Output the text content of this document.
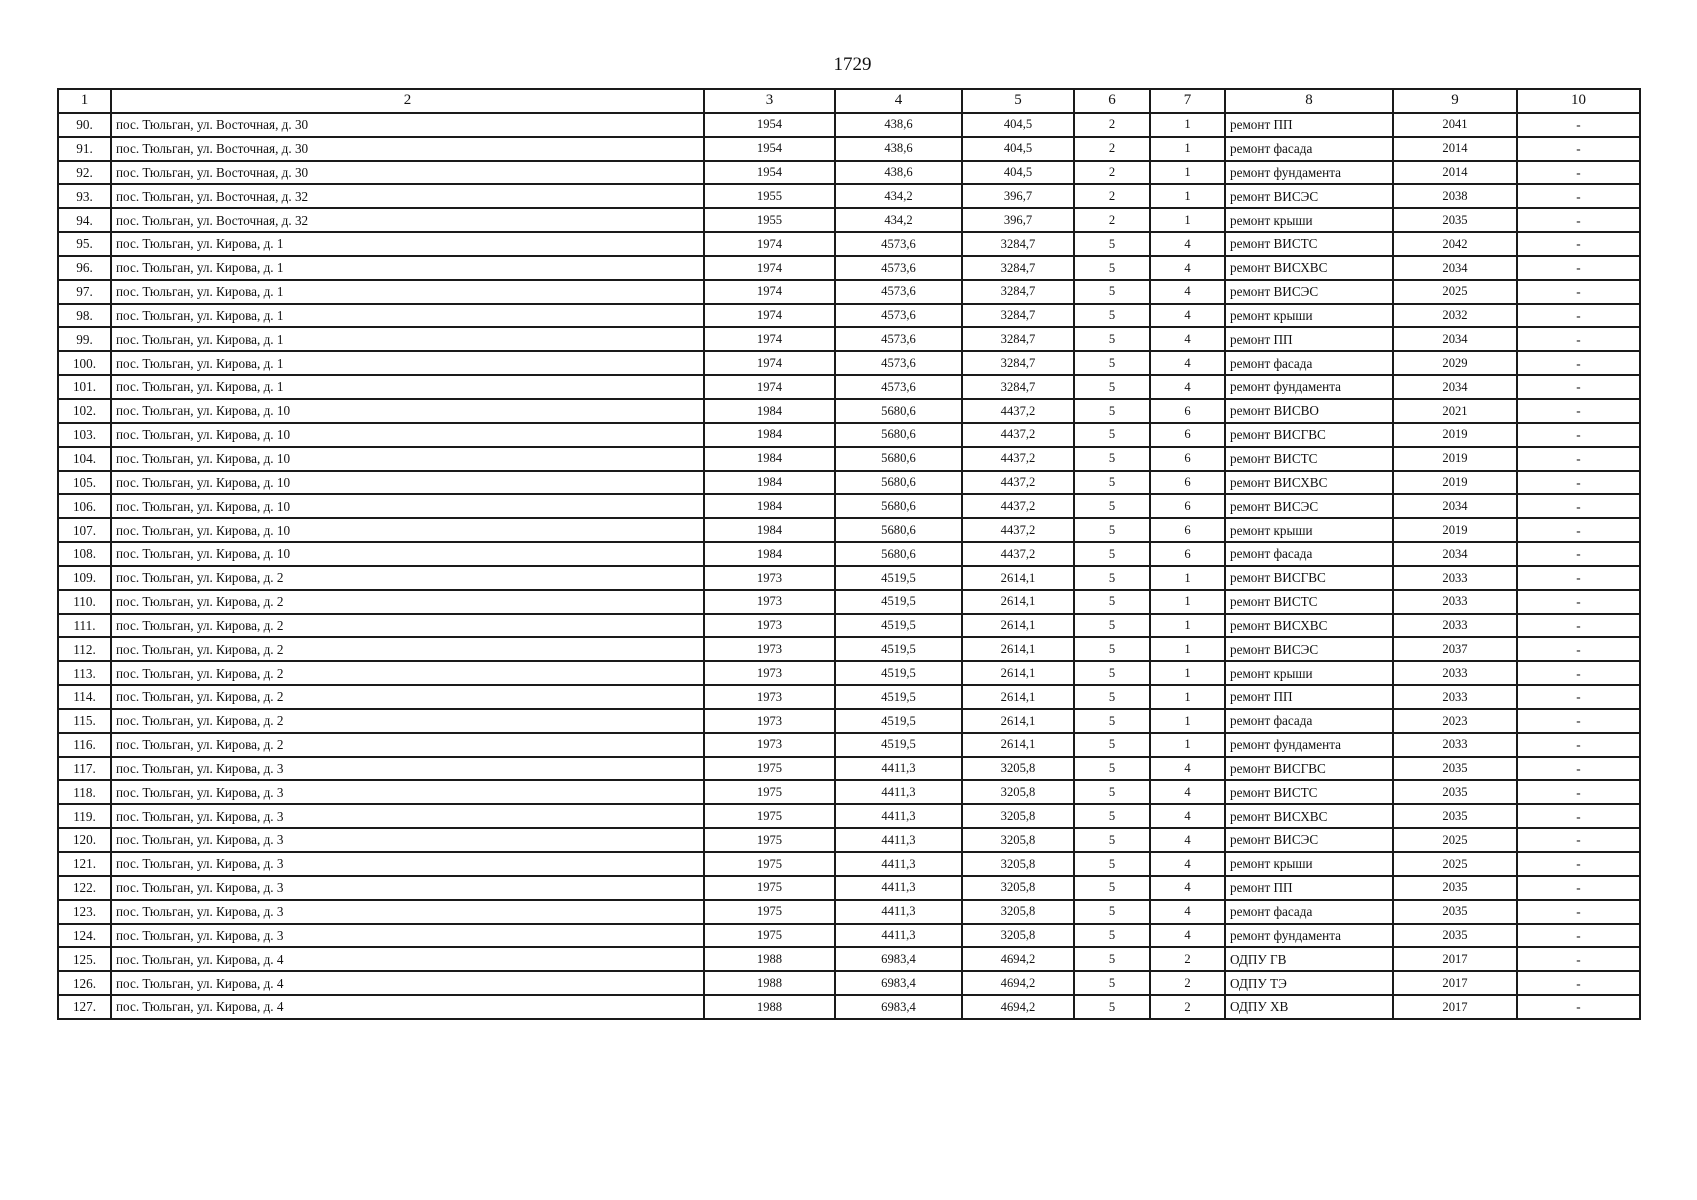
1729
1	2	3	4	5	6	7	8	9	10
90.	пос. Тюльган, ул. Восточная, д. 30	1954	438,6	404,5	2	1	ремонт ПП	2041	-
91.	пос. Тюльган, ул. Восточная, д. 30	1954	438,6	404,5	2	1	ремонт фасада	2014	-
92.	пос. Тюльган, ул. Восточная, д. 30	1954	438,6	404,5	2	1	ремонт фундамента	2014	-
93.	пос. Тюльган, ул. Восточная, д. 32	1955	434,2	396,7	2	1	ремонт ВИСЭС	2038	-
94.	пос. Тюльган, ул. Восточная, д. 32	1955	434,2	396,7	2	1	ремонт крыши	2035	-
95.	пос. Тюльган, ул. Кирова, д. 1	1974	4573,6	3284,7	5	4	ремонт ВИСТС	2042	-
96.	пос. Тюльган, ул. Кирова, д. 1	1974	4573,6	3284,7	5	4	ремонт ВИСХВС	2034	-
97.	пос. Тюльган, ул. Кирова, д. 1	1974	4573,6	3284,7	5	4	ремонт ВИСЭС	2025	-
98.	пос. Тюльган, ул. Кирова, д. 1	1974	4573,6	3284,7	5	4	ремонт крыши	2032	-
99.	пос. Тюльган, ул. Кирова, д. 1	1974	4573,6	3284,7	5	4	ремонт ПП	2034	-
100.	пос. Тюльган, ул. Кирова, д. 1	1974	4573,6	3284,7	5	4	ремонт фасада	2029	-
101.	пос. Тюльган, ул. Кирова, д. 1	1974	4573,6	3284,7	5	4	ремонт фундамента	2034	-
102.	пос. Тюльган, ул. Кирова, д. 10	1984	5680,6	4437,2	5	6	ремонт ВИСВО	2021	-
103.	пос. Тюльган, ул. Кирова, д. 10	1984	5680,6	4437,2	5	6	ремонт ВИСГВС	2019	-
104.	пос. Тюльган, ул. Кирова, д. 10	1984	5680,6	4437,2	5	6	ремонт ВИСТС	2019	-
105.	пос. Тюльган, ул. Кирова, д. 10	1984	5680,6	4437,2	5	6	ремонт ВИСХВС	2019	-
106.	пос. Тюльган, ул. Кирова, д. 10	1984	5680,6	4437,2	5	6	ремонт ВИСЭС	2034	-
107.	пос. Тюльган, ул. Кирова, д. 10	1984	5680,6	4437,2	5	6	ремонт крыши	2019	-
108.	пос. Тюльган, ул. Кирова, д. 10	1984	5680,6	4437,2	5	6	ремонт фасада	2034	-
109.	пос. Тюльган, ул. Кирова, д. 2	1973	4519,5	2614,1	5	1	ремонт ВИСГВС	2033	-
110.	пос. Тюльган, ул. Кирова, д. 2	1973	4519,5	2614,1	5	1	ремонт ВИСТС	2033	-
111.	пос. Тюльган, ул. Кирова, д. 2	1973	4519,5	2614,1	5	1	ремонт ВИСХВС	2033	-
112.	пос. Тюльган, ул. Кирова, д. 2	1973	4519,5	2614,1	5	1	ремонт ВИСЭС	2037	-
113.	пос. Тюльган, ул. Кирова, д. 2	1973	4519,5	2614,1	5	1	ремонт крыши	2033	-
114.	пос. Тюльган, ул. Кирова, д. 2	1973	4519,5	2614,1	5	1	ремонт ПП	2033	-
115.	пос. Тюльган, ул. Кирова, д. 2	1973	4519,5	2614,1	5	1	ремонт фасада	2023	-
116.	пос. Тюльган, ул. Кирова, д. 2	1973	4519,5	2614,1	5	1	ремонт фундамента	2033	-
117.	пос. Тюльган, ул. Кирова, д. 3	1975	4411,3	3205,8	5	4	ремонт ВИСГВС	2035	-
118.	пос. Тюльган, ул. Кирова, д. 3	1975	4411,3	3205,8	5	4	ремонт ВИСТС	2035	-
119.	пос. Тюльган, ул. Кирова, д. 3	1975	4411,3	3205,8	5	4	ремонт ВИСХВС	2035	-
120.	пос. Тюльган, ул. Кирова, д. 3	1975	4411,3	3205,8	5	4	ремонт ВИСЭС	2025	-
121.	пос. Тюльган, ул. Кирова, д. 3	1975	4411,3	3205,8	5	4	ремонт крыши	2025	-
122.	пос. Тюльган, ул. Кирова, д. 3	1975	4411,3	3205,8	5	4	ремонт ПП	2035	-
123.	пос. Тюльган, ул. Кирова, д. 3	1975	4411,3	3205,8	5	4	ремонт фасада	2035	-
124.	пос. Тюльган, ул. Кирова, д. 3	1975	4411,3	3205,8	5	4	ремонт фундамента	2035	-
125.	пос. Тюльган, ул. Кирова, д. 4	1988	6983,4	4694,2	5	2	ОДПУ ГВ	2017	-
126.	пос. Тюльган, ул. Кирова, д. 4	1988	6983,4	4694,2	5	2	ОДПУ ТЭ	2017	-
127.	пос. Тюльган, ул. Кирова, д. 4	1988	6983,4	4694,2	5	2	ОДПУ ХВ	2017	-
